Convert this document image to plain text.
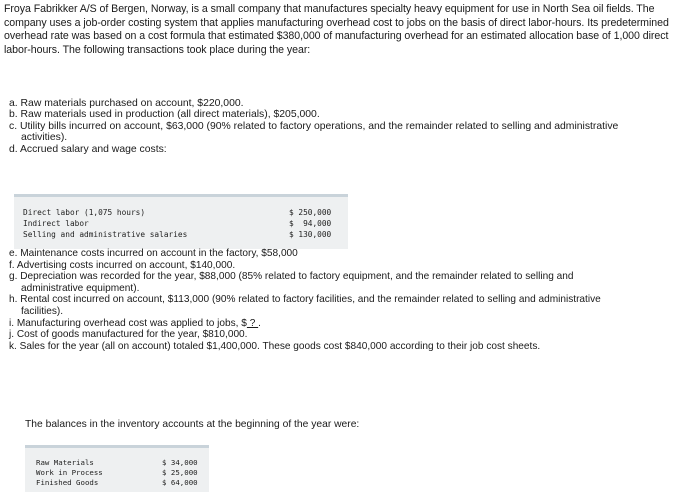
Froya Fabrikker A/S of Bergen, Norway, is a small company that manufactures specialty heavy equipment for use in North Sea oil fields. The company uses a job-order costing system that applies manufacturing overhead cost to jobs on the basis of direct labor-hours. Its predetermined overhead rate was based on a cost formula that estimated $380,000 of manufacturing overhead for an estimated allocation base of 1,000 direct labor-hours. The following transactions took place during the year:
a. Raw materials purchased on account, $220,000.
b. Raw materials used in production (all direct materials), $205,000.
c. Utility bills incurred on account, $63,000 (90% related to factory operations, and the remainder related to selling and administrative
activities).
d. Accrued salary and wage costs:
Direct labor (1,075 hours)	$ 250,000
Indirect labor	$  94,000
Selling and administrative salaries	$ 130,000
e. Maintenance costs incurred on account in the factory, $58,000
f. Advertising costs incurred on account, $140,000.
g. Depreciation was recorded for the year, $88,000 (85% related to factory equipment, and the remainder related to selling and
administrative equipment).
h. Rental cost incurred on account, $113,000 (90% related to factory facilities, and the remainder related to selling and administrative
facilities).
i. Manufacturing overhead cost was applied to jobs, $ ? .
j. Cost of goods manufactured for the year, $810,000.
k. Sales for the year (all on account) totaled $1,400,000. These goods cost $840,000 according to their job cost sheets.
The balances in the inventory accounts at the beginning of the year were:
Raw Materials	$ 34,000
Work in Process	$ 25,000
Finished Goods	$ 64,000
